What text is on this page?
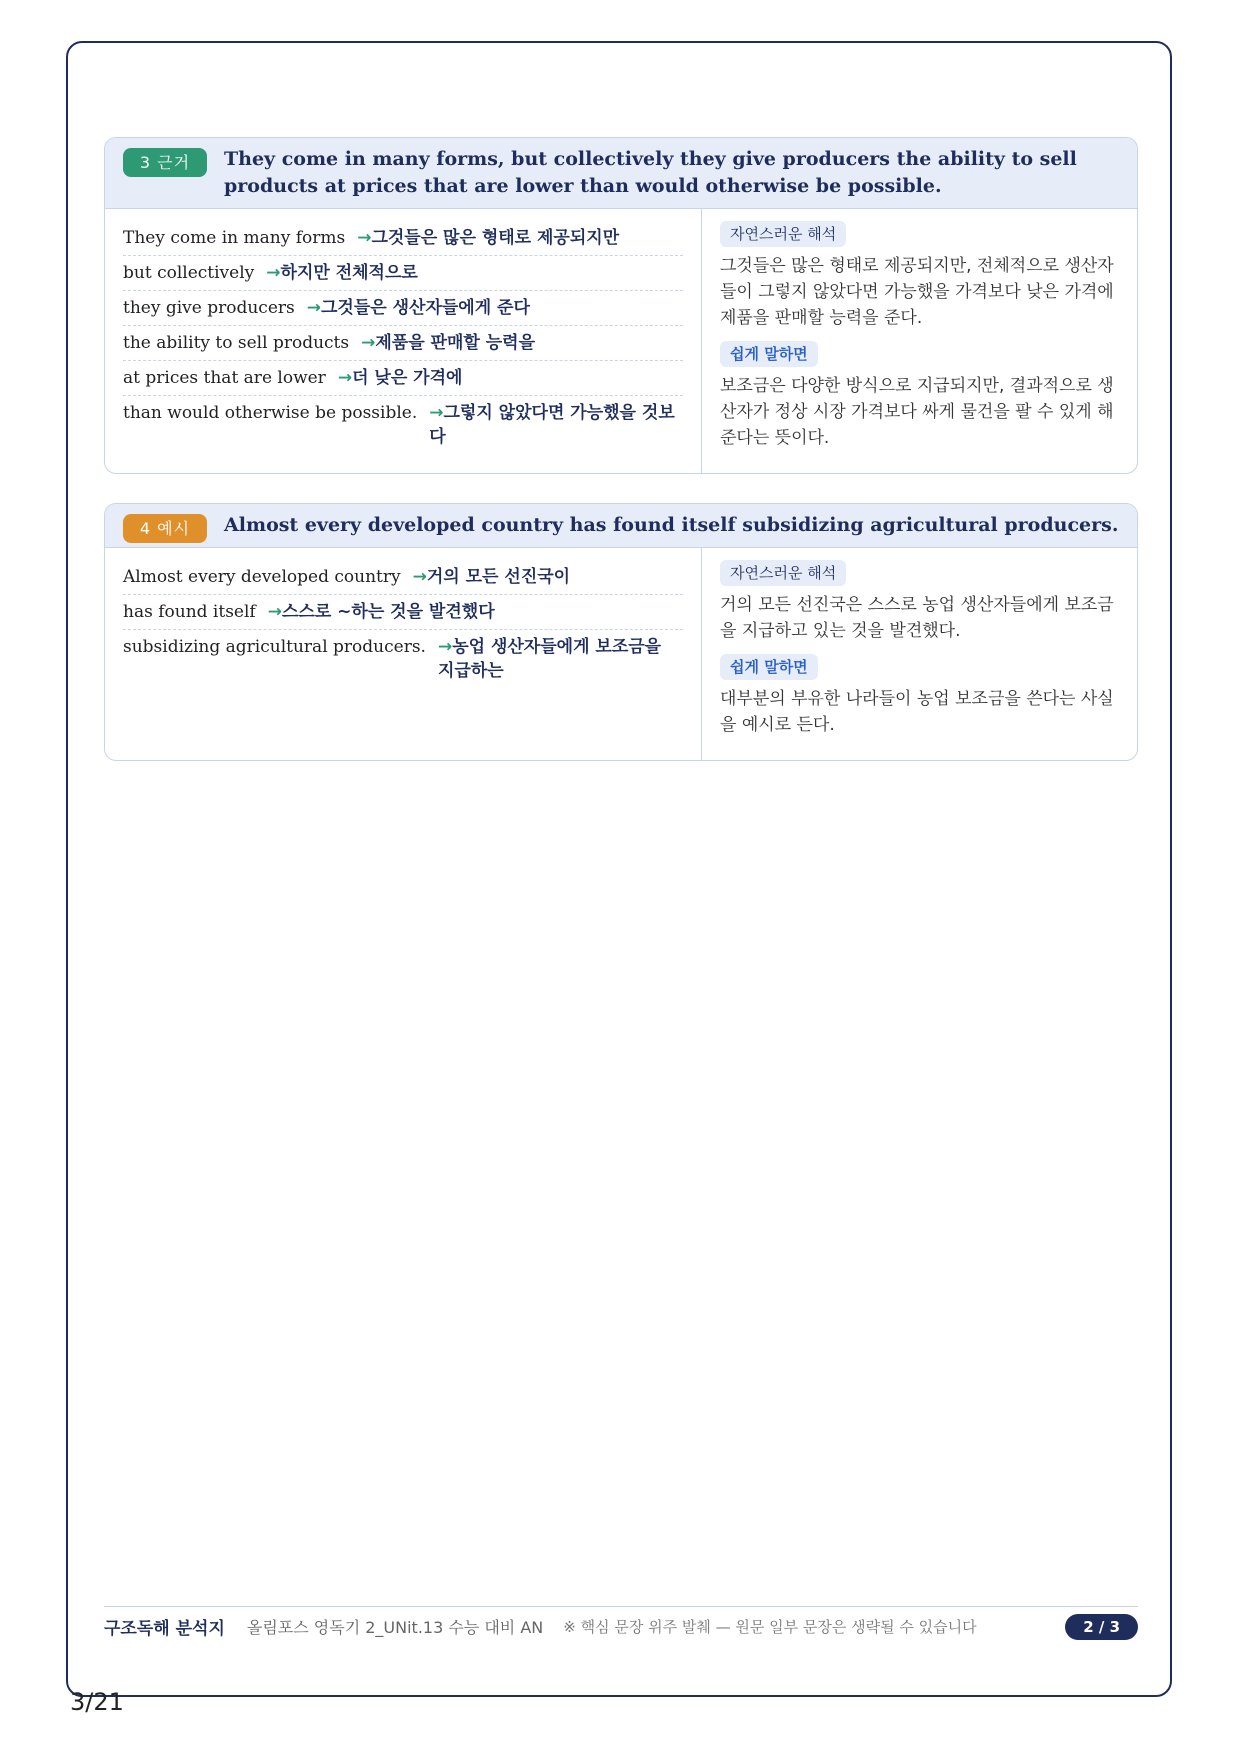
3 근거	They come in many forms, but collectively they give producers the ability to sell products at prices that are lower than would otherwise be possible.
They come in many forms →그것들은 많은 형태로 제공되지만
but collectively →하지만 전체적으로
they give producers →그것들은 생산자들에게 준다
the ability to sell products →제품을 판매할 능력을
at prices that are lower →더 낮은 가격에
than would otherwise be possible. →그렇지 않았다면 가능했을 것보다
자연스러운 해석

그것들은 많은 형태로 제공되지만, 전체적으로 생산자들이 그렇지 않았다면 가능했을 가격보다 낮은 가격에 제품을 판매할 능력을 준다.

쉽게 말하면

보조금은 다양한 방식으로 지급되지만, 결과적으로 생산자가 정상 시장 가격보다 싸게 물건을 팔 수 있게 해준다는 뜻이다.

4 예시	Almost every developed country has found itself subsidizing agricultural producers.
Almost every developed country →거의 모든 선진국이
has found itself →스스로 ~하는 것을 발견했다
subsidizing agricultural producers. →농업 생산자들에게 보조금을 지급하는
자연스러운 해석

거의 모든 선진국은 스스로 농업 생산자들에게 보조금을 지급하고 있는 것을 발견했다.

쉽게 말하면

대부분의 부유한 나라들이 농업 보조금을 쓴다는 사실을 예시로 든다.

구조독해 분석지 올림포스 영독기 2_UNit.13 수능 대비 AN ※ 핵심 문장 위주 발췌 — 원문 일부 문장은 생략될 수 있습니다	2 / 3
3/21
